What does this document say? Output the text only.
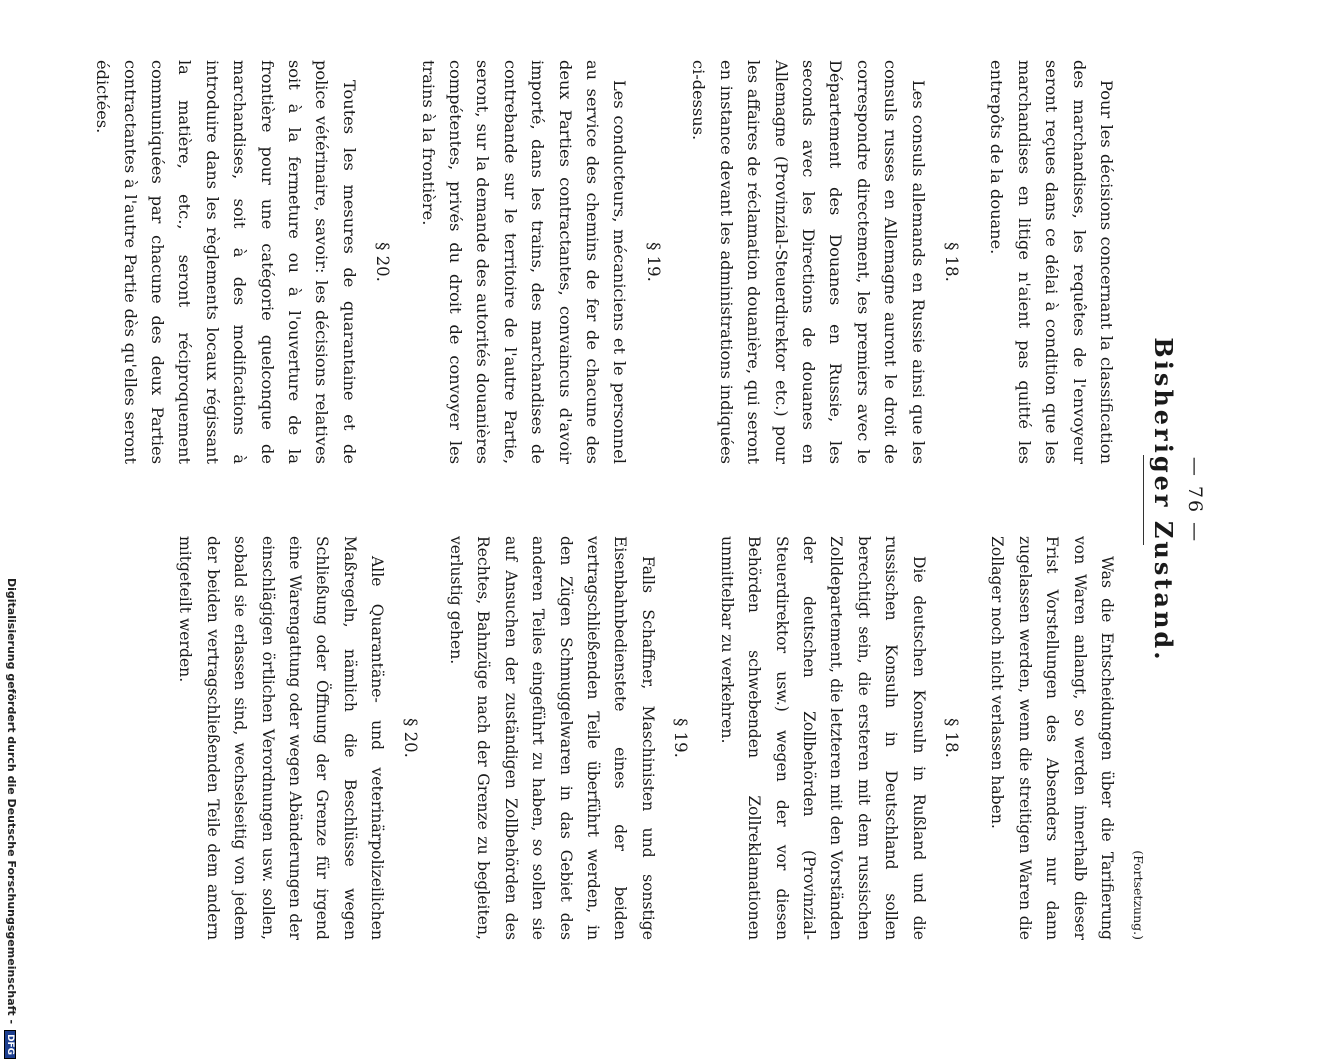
— 76 —
Bisheriger Zustand.

Pour les décisions concernant la classification des marchandises, les requêtes de l'envoyeur seront reçues dans ce délai à condition que les marchandises en litige n'aient pas quitté les entrepôts de la douane.

§ 18.

Les consuls allemands en Russie ainsi que les consuls russes en Allemagne auront le droit de correspondre directement, les premiers avec le Département des Douanes en Russie, les seconds avec les Directions de douanes en Allemagne (Provinzial-Steuerdirektor etc.) pour les affaires de réclamation douanière, qui seront en instance devant les administrations indiquées ci-dessus.

§ 19.

Les conducteurs, mécaniciens et le personnel au service des chemins de fer de chacune des deux Parties contractantes, convaincus d'avoir importé, dans les trains, des marchandises de contrebande sur le territoire de l'autre Partie, seront, sur la demande des autorités douanières compétentes, privés du droit de convoyer les trains à la frontière.

§ 20.

Toutes les mesures de quarantaine et de police vétérinaire, savoir: les décisions relatives soit à la fermeture ou à l'ouverture de la frontière pour une catégorie quelconque de marchandises, soit à des modifications à introduire dans les règlements locaux régissant la matière, etc., seront réciproquement communiquées par chacune des deux Parties contractantes à l'autre Partie dès qu'elles seront édictées.

(Fortsetzung.)

Was die Entscheidungen über die Tarifierung von Waren anlangt, so werden innerhalb dieser Frist Vorstellungen des Absenders nur dann zugelassen werden, wenn die streitigen Waren die Zollager noch nicht verlassen haben.

§ 18.

Die deutschen Konsuln in Rußland und die russischen Konsuln in Deutschland sollen berechtigt sein, die ersteren mit dem russischen Zolldepartement, die letzteren mit den Vorständen der deutschen Zollbehörden (Provinzial-Steuerdirektor usw.) wegen der vor diesen Behörden schwebenden Zollreklamationen unmittelbar zu verkehren.

§ 19.

Falls Schaffner, Maschinisten und sonstige Eisenbahnbedienstete eines der beiden vertragschließenden Teile überführt werden, in den Zügen Schmuggelwaren in das Gebiet des anderen Teiles eingeführt zu haben, so sollen sie auf Ansuchen der zuständigen Zollbehörden des Rechtes, Bahnzüge nach der Grenze zu begleiten, verlustig gehen.

§ 20.

Alle Quarantäne- und veterinärpolizeilichen Maßregeln, nämlich die Beschlüsse wegen Schließung oder Öffnung der Grenze für irgend eine Warengattung oder wegen Abänderungen der einschlägigen örtlichen Verordnungen usw. sollen, sobald sie erlassen sind, wechselseitig von jedem der beiden vertragschließenden Teile dem andern mitgeteilt werden.

Digitalisierung gefördert durch die Deutsche Forschungsgemeinschaft -DFG
